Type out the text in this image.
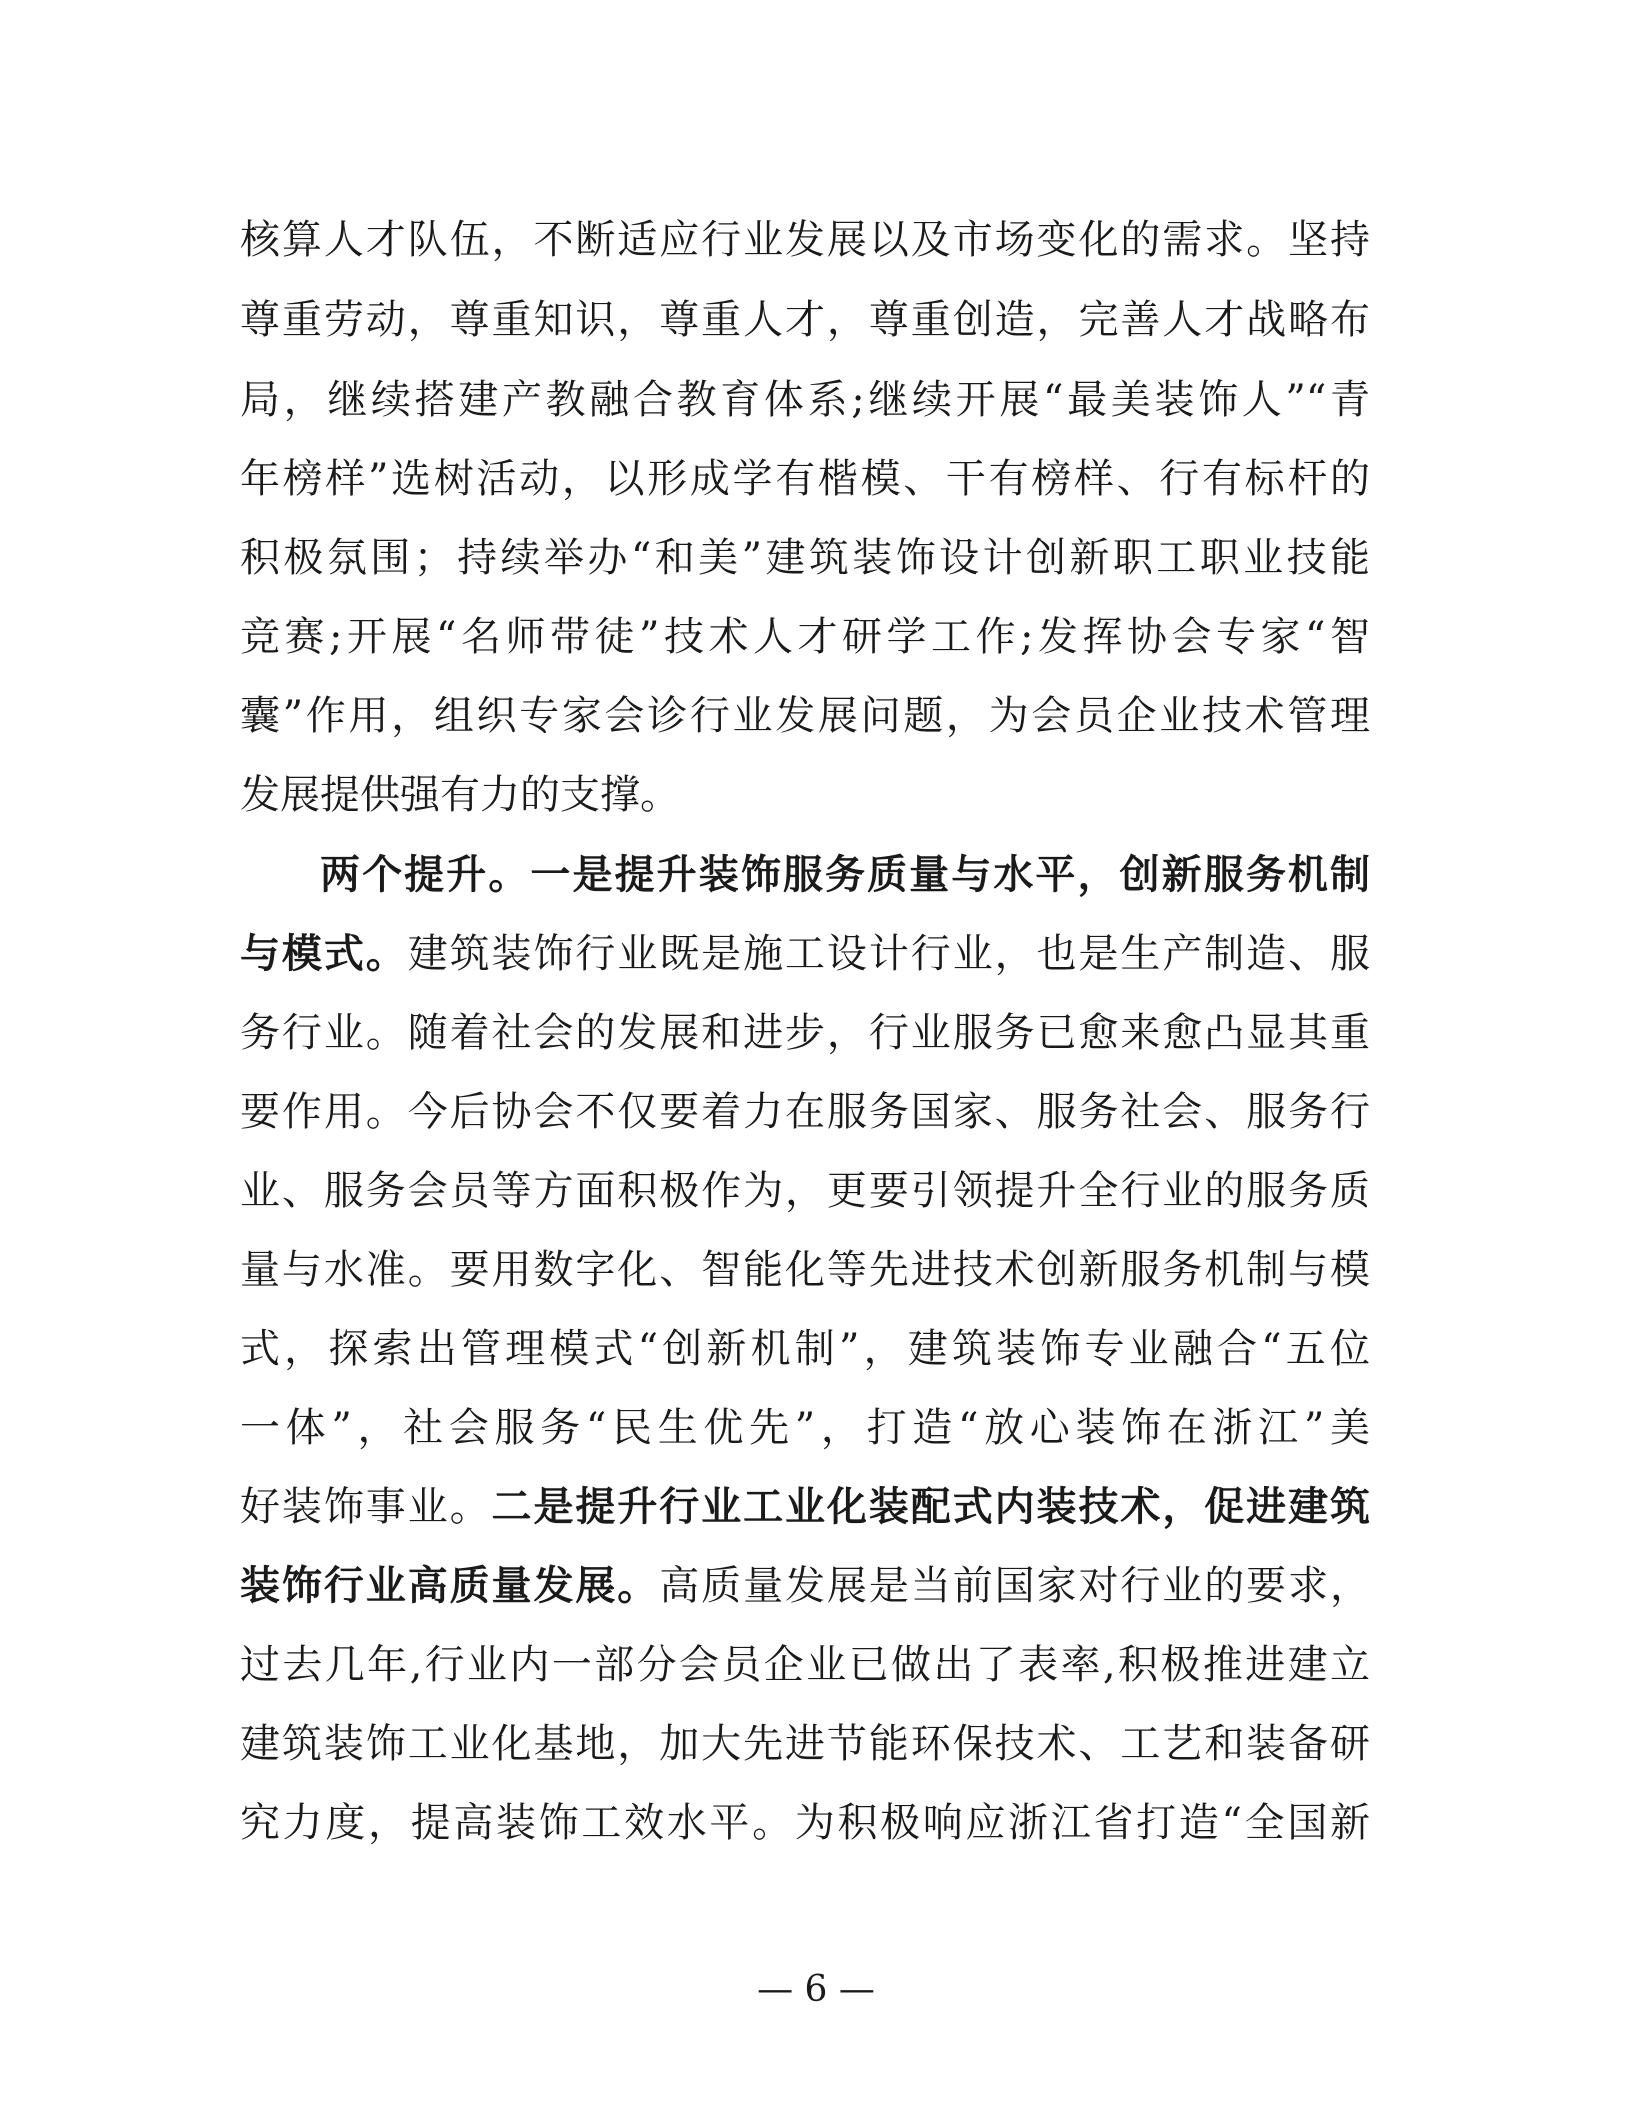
核算人才队伍，不断适应行业发展以及市场变化的需求。坚持
尊重劳动，尊重知识，尊重人才，尊重创造，完善人才战略布
局，继续搭建产教融合教育体系;继续开展“最美装饰人”“青
年榜样”选树活动，以形成学有楷模、干有榜样、行有标杆的
积极氛围；持续举办“和美”建筑装饰设计创新职工职业技能
竞赛;开展“名师带徒”技术人才研学工作;发挥协会专家“智
囊”作用，组织专家会诊行业发展问题，为会员企业技术管理
发展提供强有力的支撑。
两个提升。一是提升装饰服务质量与水平，创新服务机制
与模式。建筑装饰行业既是施工设计行业，也是生产制造、服
务行业。随着社会的发展和进步，行业服务已愈来愈凸显其重
要作用。今后协会不仅要着力在服务国家、服务社会、服务行
业、服务会员等方面积极作为，更要引领提升全行业的服务质
量与水准。要用数字化、智能化等先进技术创新服务机制与模
式，探索出管理模式“创新机制”，建筑装饰专业融合“五位
一体”，社会服务“民生优先”，打造“放心装饰在浙江”美
好装饰事业。二是提升行业工业化装配式内装技术，促进建筑
装饰行业高质量发展。高质量发展是当前国家对行业的要求，
过去几年,行业内一部分会员企业已做出了表率,积极推进建立
建筑装饰工业化基地，加大先进节能环保技术、工艺和装备研
究力度，提高装饰工效水平。为积极响应浙江省打造“全国新
— 6 —
